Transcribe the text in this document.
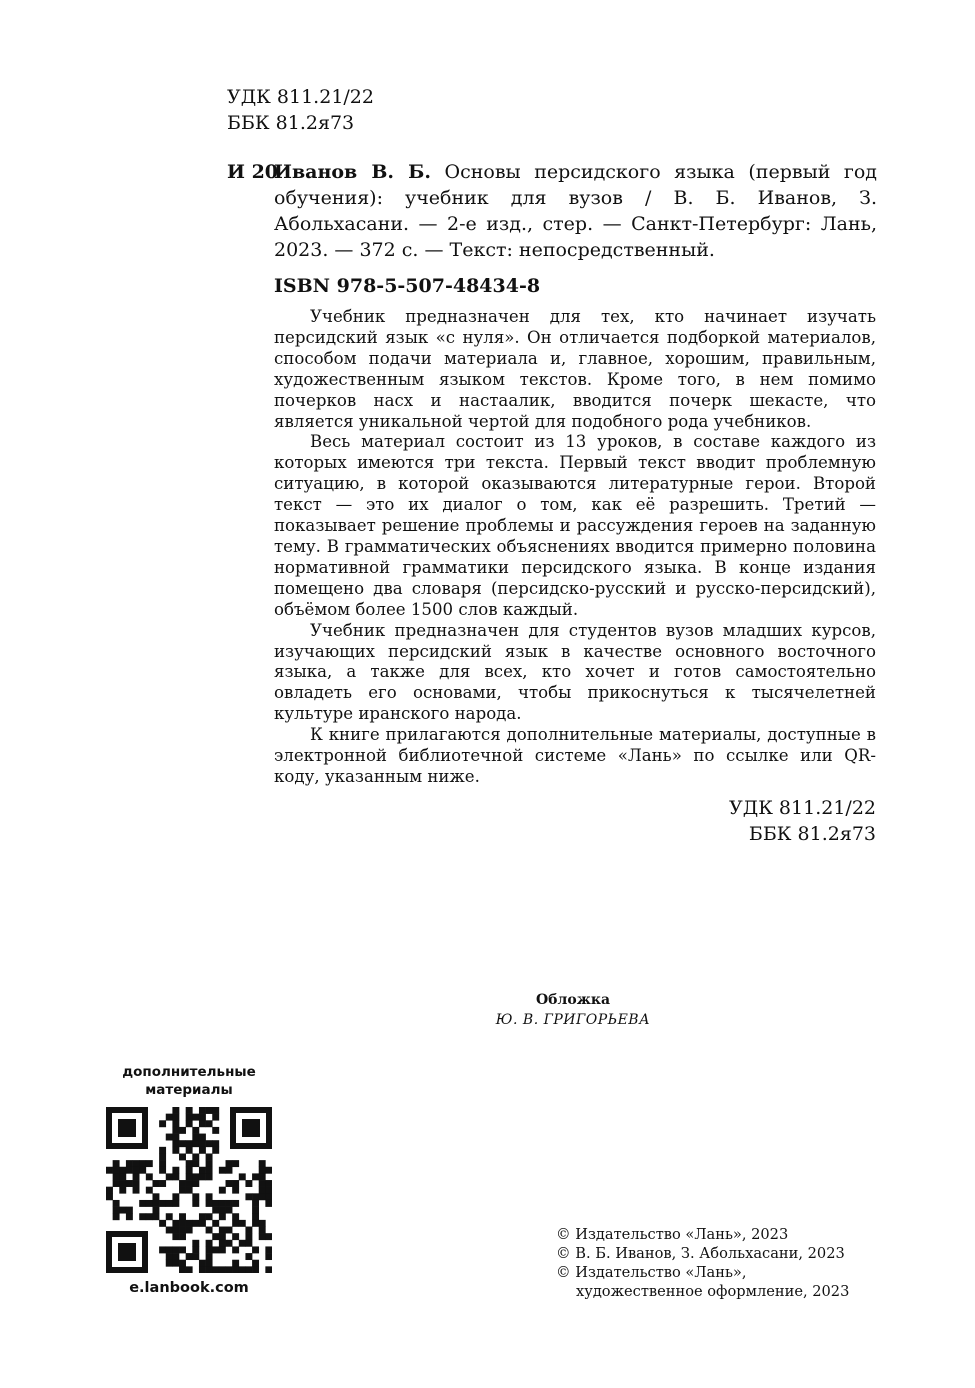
УДК 811.21/22
ББК 81.2я73
И 20
Иванов В. Б. Основы персидского языка (первый год обучения): учебник для вузов / В. Б. Иванов, З. Абольхасани. — 2-е изд., стер. — Санкт-Петербург: Лань, 2023. — 372 с. — Текст: непосредственный.
ISBN 978-5-507-48434-8

Учебник предназначен для тех, кто начинает изучать персидский язык «с нуля». Он отличается подборкой материалов, способом подачи материала и, главное, хорошим, правильным, художественным языком текстов. Кроме того, в нем помимо почерков насх и настаалик, вводится почерк шекасте, что является уникальной чертой для подобного рода учебников.

Весь материал состоит из 13 уроков, в составе каждого из которых имеются три текста. Первый текст вводит проблемную ситуацию, в которой оказываются литературные герои. Второй текст — это их диалог о том, как её разрешить. Третий — показывает решение проблемы и рассуждения героев на заданную тему. В грамматических объяснениях вводится примерно половина нормативной грамматики персидского языка. В конце издания помещено два словаря (персидско-русский и русско-персидский), объёмом более 1500 слов каждый.

Учебник предназначен для студентов вузов младших курсов, изучающих персидский язык в качестве основного восточного языка, а также для всех, кто хочет и готов самостоятельно овладеть его основами, чтобы прикоснуться к тысячелетней культуре иранского народа.

К книге прилагаются дополнительные материалы, доступные в электронной библиотечной системе «Лань» по ссылке или QR-коду, указанным ниже.

УДК 811.21/22
ББК 81.2я73
Обложка
Ю. В. ГРИГОРЬЕВА
дополнительные
материалы
e.lanbook.com
© Издательство «Лань», 2023
© В. Б. Иванов, З. Абольхасани, 2023
© Издательство «Лань»,
художественное оформление, 2023
